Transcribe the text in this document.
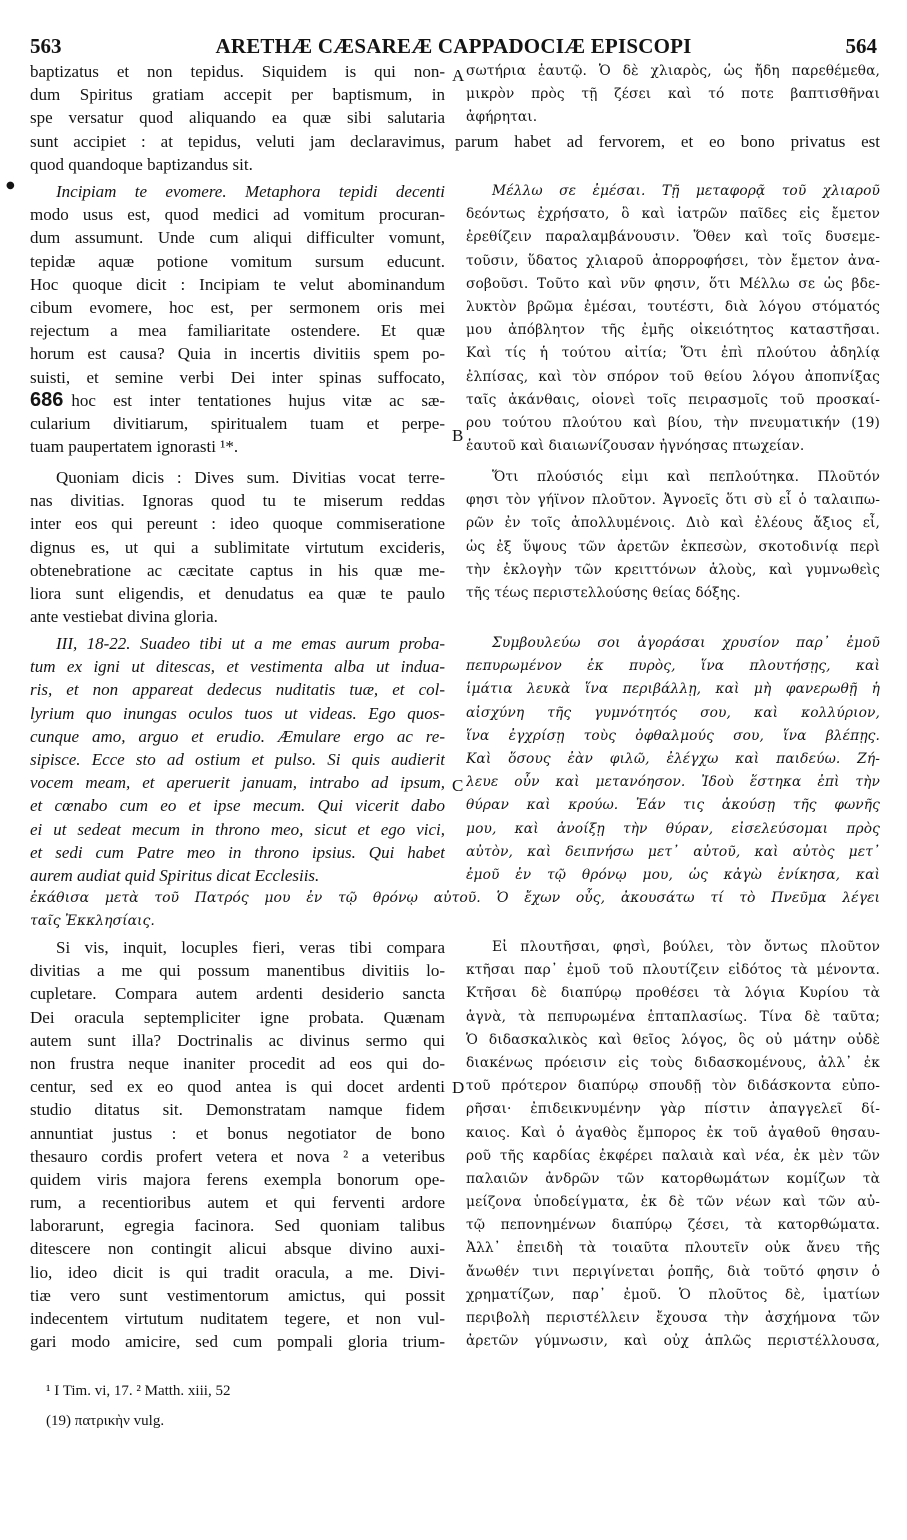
563	ARETHÆ CÆSAREÆ CAPPADOCIÆ EPISCOPI	564
●
baptizatus et non tepidus. Siquidem is qui non-
dum Spiritus gratiam accepit per baptismum, in
spe versatur quod aliquando ea quæ sibi salutaria
sunt accipiet : at tepidus, veluti jam declaravimus,
A σωτήρια ἑαυτῷ. Ὁ δὲ χλιαρὸς, ὡς ἤδη παρεθέμεθα,
μικρὸν πρὸς τῇ ζέσει καὶ τό ποτε βαπτισθῆναι
ἀφήρηται.
parum habet ad fervorem, et eo bono privatus est
quod quandoque baptizandus sit.
Incipiam te evomere. Metaphora tepidi decenti
modo usus est, quod medici ad vomitum procuran-
dum assumunt. Unde cum aliqui difficulter vomunt,
tepidæ aquæ potione vomitum sursum educunt.
Hoc quoque dicit : Incipiam te velut abominandum
cibum evomere, hoc est, per sermonem oris mei
rejectum a mea familiaritate ostendere. Et quæ
horum est causa? Quia in incertis divitiis spem po-
suisti, et semine verbi Dei inter spinas suffocato,
686 hoc est inter tentationes hujus vitæ ac sæ-
cularium divitiarum, spiritualem tuam et perpe-
tuam paupertatem ignorasti ¹*.
B
Μέλλω σε ἐμέσαι. Τῇ μεταφορᾷ τοῦ χλιαροῦ
δεόντως ἐχρήσατο, ὃ καὶ ἰατρῶν παῖδες εἰς ἔμετον
ἐρεθίζειν παραλαμβάνουσιν. Ὅθεν καὶ τοῖς δυσεμε-
τοῦσιν, ὕδατος χλιαροῦ ἀπορροφήσει, τὸν ἔμετον ἀνα-
σοβοῦσι. Τοῦτο καὶ νῦν φησιν, ὅτι Μέλλω σε ὡς βδε-
λυκτὸν βρῶμα ἐμέσαι, τουτέστι, διὰ λόγου στόματός
μου ἀπόβλητον τῆς ἐμῆς οἰκειότητος καταστῆσαι.
Καὶ τίς ἡ τούτου αἰτία; Ὅτι ἐπὶ πλούτου ἀδηλίᾳ
ἐλπίσας, καὶ τὸν σπόρον τοῦ θείου λόγου ἀποπνίξας
ταῖς ἀκάνθαις, οἱονεὶ τοῖς πειρασμοῖς τοῦ προσκαί-
ρου τούτου πλούτου καὶ βίου, τὴν πνευματικήν (19)
ἑαυτοῦ καὶ διαιωνίζουσαν ἠγνόησας πτωχείαν.
Quoniam dicis : Dives sum. Divitias vocat terre-
nas divitias. Ignoras quod tu te miserum reddas
inter eos qui pereunt : ideo quoque commiseratione
dignus es, ut qui a sublimitate virtutum excideris,
obtenebratione ac cæcitate captus in his quæ me-
liora sunt eligendis, et denudatus ea quæ te paulo
ante vestiebat divina gloria.
Ὅτι πλούσιός εἰμι καὶ πεπλούτηκα. Πλοῦτόν
φησι τὸν γήϊνον πλοῦτον. Ἀγνοεῖς ὅτι σὺ εἶ ὁ ταλαιπω-
ρῶν ἐν τοῖς ἀπολλυμένοις. Διὸ καὶ ἐλέους ἄξιος εἶ,
ὡς ἐξ ὕψους τῶν ἀρετῶν ἐκπεσὼν, σκοτοδινίᾳ περὶ
τὴν ἐκλογὴν τῶν κρειττόνων ἁλοὺς, καὶ γυμνωθεὶς
τῆς τέως περιστελλούσης θείας δόξης.
III, 18-22. Suadeo tibi ut a me emas aurum proba-
tum ex igni ut ditescas, et vestimenta alba ut indua-
ris, et non appareat dedecus nuditatis tuæ, et col-
lyrium quo inungas oculos tuos ut videas. Ego quos-
cunque amo, arguo et erudio. Æmulare ergo ac re-
sipisce. Ecce sto ad ostium et pulso. Si quis audierit
vocem meam, et aperuerit januam, intrabo ad ipsum,
et cœnabo cum eo et ipse mecum. Qui vicerit dabo
ei ut sedeat mecum in throno meo, sicut et ego vici,
et sedi cum Patre meo in throno ipsius. Qui habet
aurem audiat quid Spiritus dicat Ecclesiis.
C
Συμβουλεύω σοι ἀγοράσαι χρυσίον παρ᾽ ἐμοῦ
πεπυρωμένον ἐκ πυρὸς, ἵνα πλουτήσῃς, καὶ
ἱμάτια λευκὰ ἵνα περιβάλλῃ, καὶ μὴ φανερωθῇ ἡ
αἰσχύνη τῆς γυμνότητός σου, καὶ κολλύριον,
ἵνα ἐγχρίσῃ τοὺς ὀφθαλμούς σου, ἵνα βλέπῃς.
Καὶ ὅσους ἐὰν φιλῶ, ἐλέγχω καὶ παιδεύω. Ζή-
λευε οὖν καὶ μετανόησον. Ἰδοὺ ἕστηκα ἐπὶ τὴν
θύραν καὶ κρούω. Ἐάν τις ἀκούσῃ τῆς φωνῆς
μου, καὶ ἀνοίξῃ τὴν θύραν, εἰσελεύσομαι πρὸς
αὐτὸν, καὶ δειπνήσω μετ᾽ αὐτοῦ, καὶ αὐτὸς μετ᾽
ἐμοῦ ἐν τῷ θρόνῳ μου, ὡς κἀγὼ ἐνίκησα, καὶ
ἐκάθισα μετὰ τοῦ Πατρός μου ἐν τῷ θρόνῳ αὐτοῦ. Ὁ ἔχων οὖς, ἀκουσάτω τί τὸ Πνεῦμα λέγει
ταῖς Ἐκκλησίαις.
Si vis, inquit, locuples fieri, veras tibi compara
divitias a me qui possum manentibus divitiis lo-
cupletare. Compara autem ardenti desiderio sancta
Dei oracula septempliciter igne probata. Quænam
autem sunt illa? Doctrinalis ac divinus sermo qui
non frustra neque inaniter procedit ad eos qui do-
centur, sed ex eo quod antea is qui docet ardenti
studio ditatus sit. Demonstratam namque fidem
annuntiat justus : et bonus negotiator de bono
thesauro cordis profert vetera et nova ² a veteribus
quidem viris majora ferens exempla bonorum ope-
rum, a recentioribus autem et qui ferventi ardore
laborarunt, egregia facinora. Sed quoniam talibus
ditescere non contingit alicui absque divino auxi-
lio, ideo dicit is qui tradit oracula, a me. Divi-
tiæ vero sunt vestimentorum amictus, qui possit
indecentem virtutum nuditatem tegere, et non vul-
gari modo amicire, sed cum pompali gloria trium-
D
Εἰ πλουτῆσαι, φησὶ, βούλει, τὸν ὄντως πλοῦτον
κτῆσαι παρ᾽ ἐμοῦ τοῦ πλουτίζειν εἰδότος τὰ μένοντα.
Κτῆσαι δὲ διαπύρῳ προθέσει τὰ λόγια Κυρίου τὰ
ἁγνὰ, τὰ πεπυρωμένα ἑπταπλασίως. Τίνα δὲ ταῦτα;
Ὁ διδασκαλικὸς καὶ θεῖος λόγος, ὃς οὐ μάτην οὐδὲ
διακένως πρόεισιν εἰς τοὺς διδασκομένους, ἀλλ᾽ ἐκ
τοῦ πρότερον διαπύρῳ σπουδῇ τὸν διδάσκοντα εὐπο-
ρῆσαι· ἐπιδεικνυμένην γὰρ πίστιν ἀπαγγελεῖ δί-
καιος. Καὶ ὁ ἀγαθὸς ἔμπορος ἐκ τοῦ ἀγαθοῦ θησαυ-
ροῦ τῆς καρδίας ἐκφέρει παλαιὰ καὶ νέα, ἐκ μὲν τῶν
παλαιῶν ἀνδρῶν τῶν κατορθωμάτων κομίζων τὰ
μείζονα ὑποδείγματα, ἐκ δὲ τῶν νέων καὶ τῶν αὐ-
τῷ πεπονημένων διαπύρῳ ζέσει, τὰ κατορθώματα.
Ἀλλ᾽ ἐπειδὴ τὰ τοιαῦτα πλουτεῖν οὐκ ἄνευ τῆς
ἄνωθέν τινι περιγίνεται ῥοπῆς, διὰ τοῦτό φησιν ὁ
χρηματίζων, παρ᾽ ἐμοῦ. Ὁ πλοῦτος δὲ, ἱματίων
περιβολὴ περιστέλλειν ἔχουσα τὴν ἀσχήμονα τῶν
ἀρετῶν γύμνωσιν, καὶ οὐχ ἁπλῶς περιστέλλουσα,
¹ I Tim. vi, 17. ² Matth. xiii, 52
(19) πατρικὴν vulg.
